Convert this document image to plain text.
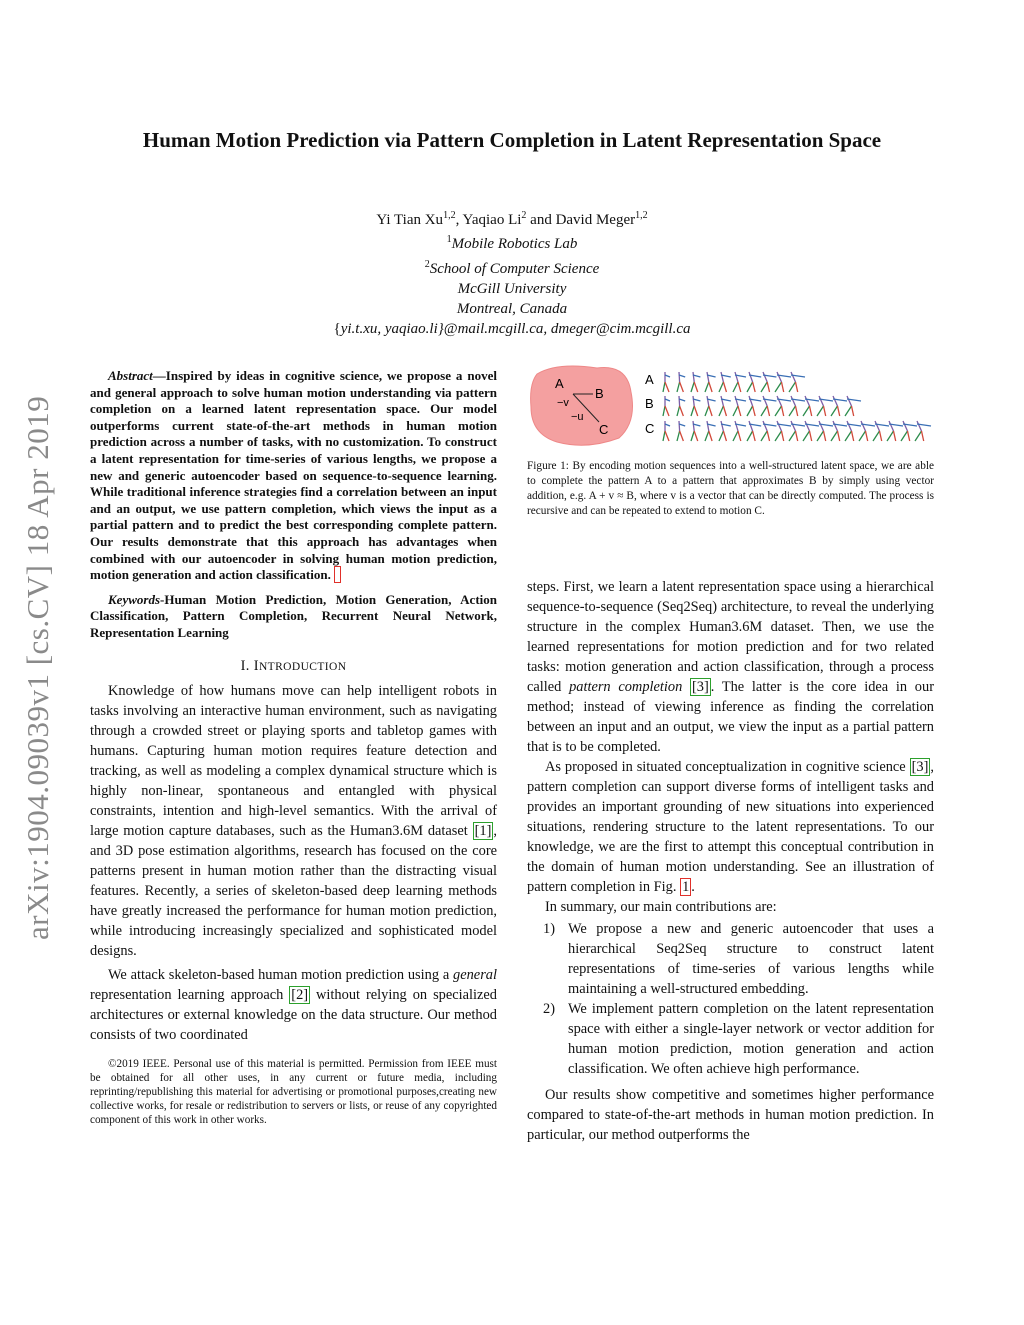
arXiv:1904.09039v1 [cs.CV] 18 Apr 2019
Human Motion Prediction via Pattern Completion in Latent Representation Space
Yi Tian Xu$^{1,2}$, Yaqiao Li$^2$ and David Meger$^{1,2}$
$^1$Mobile Robotics Lab
$^2$School of Computer Science
McGill University
Montreal, Canada
{yi.t.xu, yaqiao.li}@mail.mcgill.ca, dmeger@cim.mcgill.ca

Abstract—Inspired by ideas in cognitive science, we propose a novel and general approach to solve human motion understanding via pattern completion on a learned latent representation space. Our model outperforms current state-of-the-art methods in human motion prediction across a number of tasks, with no customization. To construct a latent representation for time-series of various lengths, we propose a new and generic autoencoder based on sequence-to-sequence learning. While traditional inference strategies find a correlation between an input and an output, we use pattern completion, which views the input as a partial pattern and to predict the best corresponding complete pattern. Our results demonstrate that this approach has advantages when combined with our autoencoder in solving human motion prediction, motion generation and action classification.

Keywords-Human Motion Prediction, Motion Generation, Action Classification, Pattern Completion, Recurrent Neural Network, Representation Learning

I. INTRODUCTION

Knowledge of how humans move can help intelligent robots in tasks involving an interactive human environment, such as navigating through a crowded street or playing sports and tabletop games with humans. Capturing human motion requires feature detection and tracking, as well as modeling a complex dynamical structure which is highly non-linear, spontaneous and entangled with physical constraints, intention and high-level semantics. With the arrival of large motion capture databases, such as the Human3.6M dataset [1] , and 3D pose estimation algorithms, research has focused on the core patterns present in human motion rather than the distracting visual features. Recently, a series of skeleton-based deep learning methods have greatly increased the performance for human motion prediction, while introducing increasingly specialized and sophisticated model designs.

We attack skeleton-based human motion prediction using a general representation learning approach [2] without relying on specialized architectures or external knowledge on the data structure. Our method consists of two coordinated

©2019 IEEE. Personal use of this material is permitted. Permission from IEEE must be obtained for all other uses, in any current or future media, including reprinting/republishing this material for advertising or promotional purposes,creating new collective works, for resale or redistribution to servers or lists, or reuse of any copyrighted component of this work in other works.

A
B
C
−v
−u
A
B
C
Figure 1: By encoding motion sequences into a well-structured latent space, we are able to complete the pattern A to a pattern that approximates B by simply using vector addition, e.g. A + v ≈ B, where v is a vector that can be directly computed. The process is recursive and can be repeated to extend to motion C.

steps. First, we learn a latent representation space using a hierarchical sequence-to-sequence (Seq2Seq) architecture, to reveal the underlying structure in the complex Human3.6M dataset. Then, we use the learned representations for motion prediction and for two related tasks: motion generation and action classification, through a process called pattern completion [3] . The latter is the core idea in our method; instead of viewing inference as finding the correlation between an input and an output, we view the input as a partial pattern that is to be completed.

As proposed in situated conceptualization in cognitive science [3] , pattern completion can support diverse forms of intelligent tasks and provides an important grounding of new situations into experienced situations, rendering structure to the latent representations. To our knowledge, we are the first to attempt this conceptual contribution in the domain of human motion understanding. See an illustration of pattern completion in Fig. 1 .

In summary, our main contributions are:

1) We propose a new and generic autoencoder that uses a hierarchical Seq2Seq structure to construct latent representations of time-series of various lengths while maintaining a well-structured embedding.
2) We implement pattern completion on the latent representation space with either a single-layer network or vector addition for human motion prediction, motion generation and action classification. We often achieve high performance.

Our results show competitive and sometimes higher performance compared to state-of-the-art methods in human motion prediction. In particular, our method outperforms the
